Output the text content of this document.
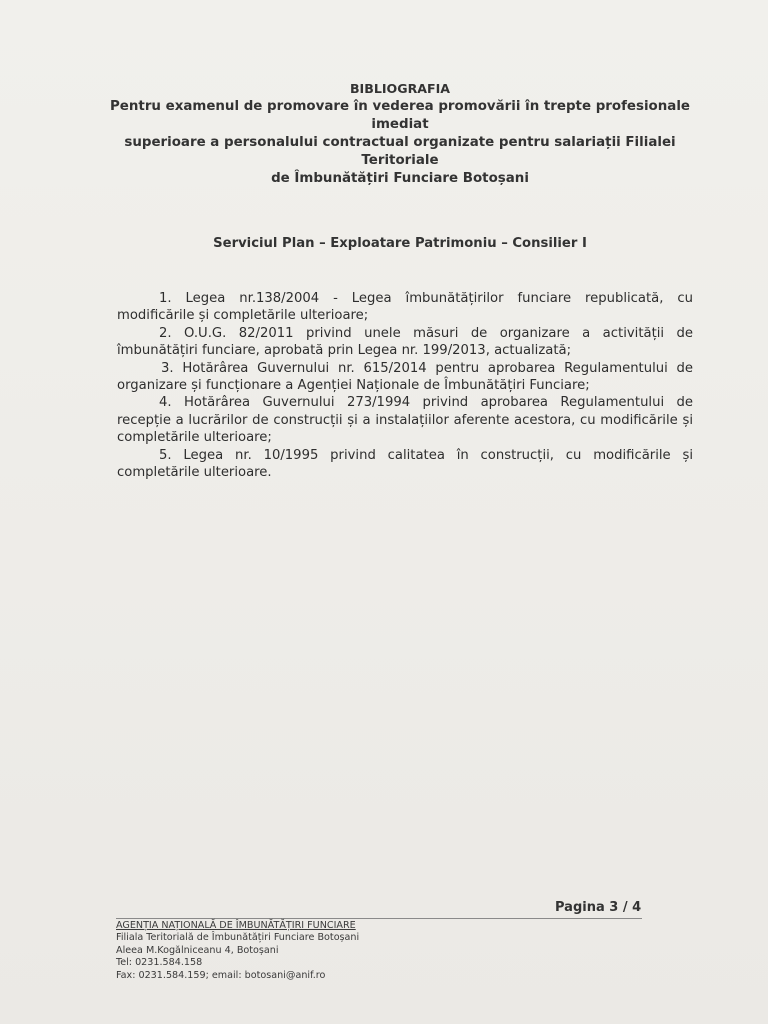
BIBLIOGRAFIA
Pentru examenul de promovare în vederea promovării în trepte profesionale imediat
superioare a personalului contractual organizate pentru salariații Filialei Teritoriale
de Îmbunătățiri Funciare Botoșani
Serviciul Plan – Exploatare Patrimoniu – Consilier I

1. Legea nr.138/2004 - Legea îmbunătățirilor funciare republicată, cu modificările și completările ulterioare;

2. O.U.G. 82/2011 privind unele măsuri de organizare a activității de îmbunătățiri funciare, aprobată prin Legea nr. 199/2013, actualizată;

3. Hotărârea Guvernului nr. 615/2014 pentru aprobarea Regulamentului de organizare și funcționare a Agenției Naționale de Îmbunătățiri Funciare;

4. Hotărârea Guvernului 273/1994 privind aprobarea Regulamentului de recepție a lucrărilor de construcții și a instalațiilor aferente acestora, cu modificările și completările ulterioare;

5. Legea nr. 10/1995 privind calitatea în construcții, cu modificările și completările ulterioare.

Pagina 3 / 4
AGENȚIA NAȚIONALĂ DE ÎMBUNĂTĂȚIRI FUNCIARE
Filiala Teritorială de Îmbunătățiri Funciare Botoșani
Aleea M.Kogălniceanu 4, Botoșani
Tel: 0231.584.158
Fax: 0231.584.159; email: botosani@anif.ro
